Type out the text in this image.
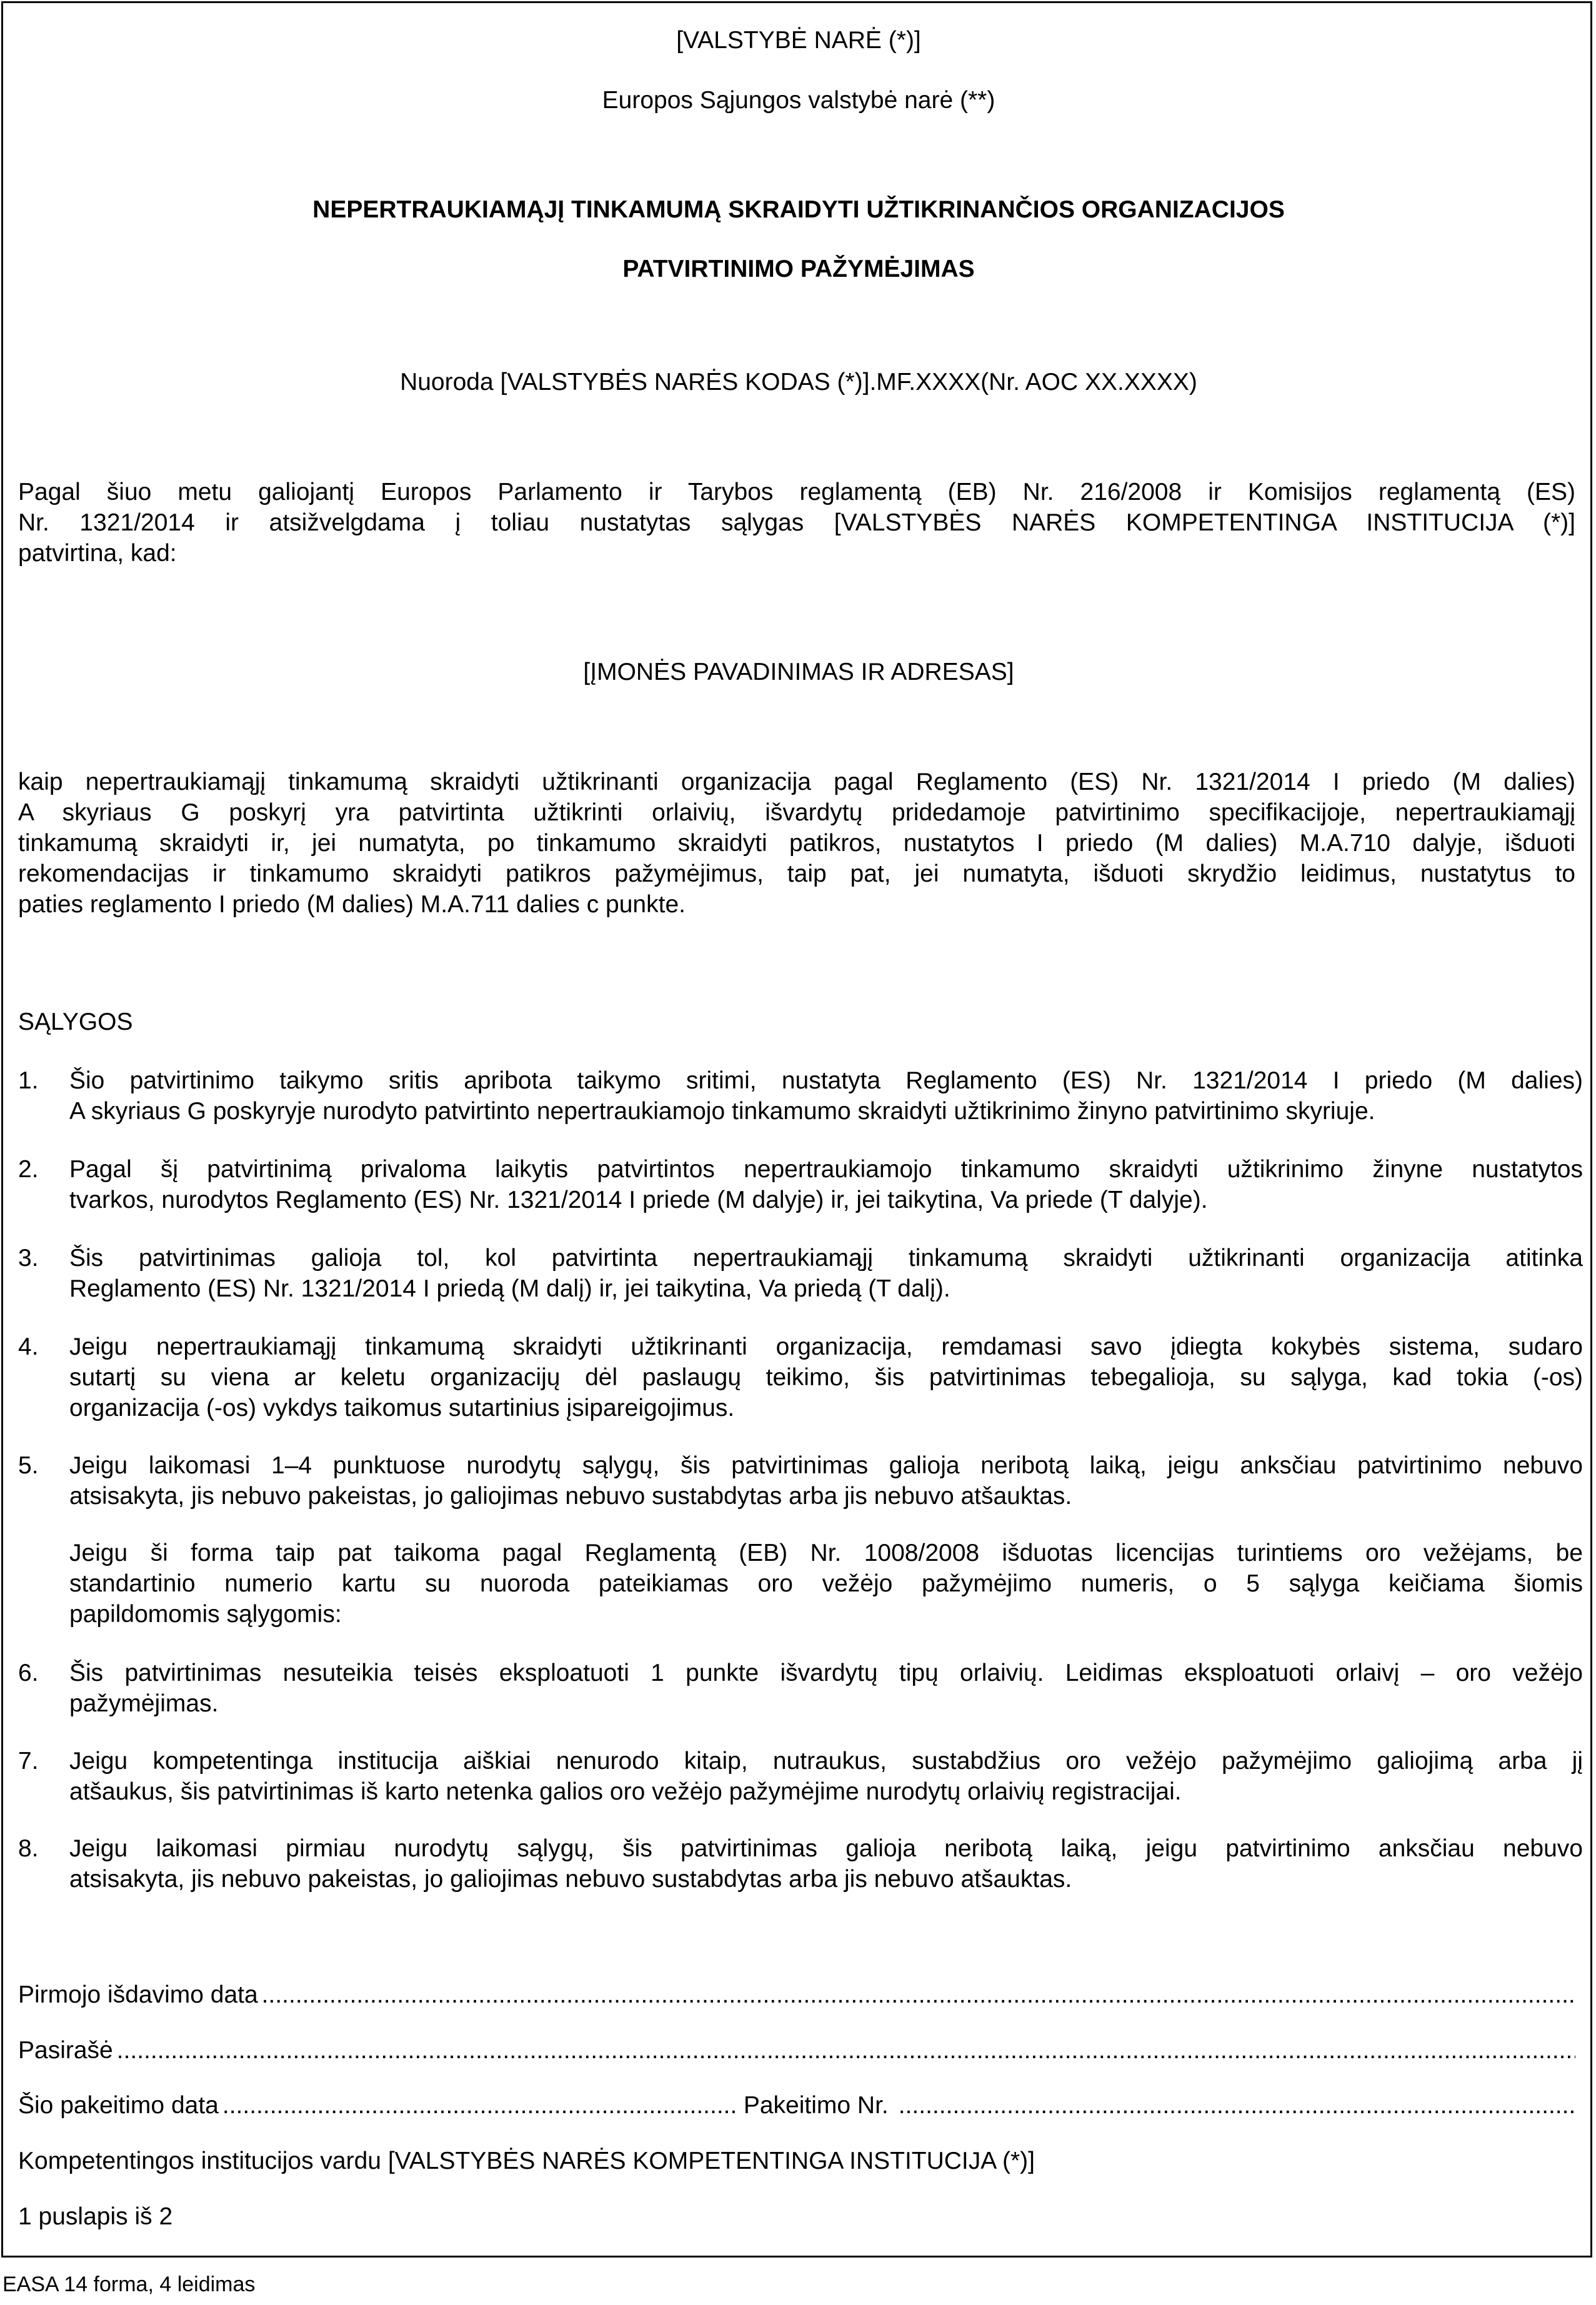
[VALSTYBĖ NARĖ (*)]

Europos Sąjungos valstybė narė (**)

NEPERTRAUKIAMĄJĮ TINKAMUMĄ SKRAIDYTI UŽTIKRINANČIOS ORGANIZACIJOS

PATVIRTINIMO PAŽYMĖJIMAS

Nuoroda [VALSTYBĖS NARĖS KODAS (*)].MF.XXXX(Nr. AOC XX.XXXX)

Pagal šiuo metu galiojantį Europos Parlamento ir Tarybos reglamentą (EB) Nr. 216/2008 ir Komisijos reglamentą (ES)
Nr. 1321/2014 ir atsižvelgdama į toliau nustatytas sąlygas [VALSTYBĖS NARĖS KOMPETENTINGA INSTITUCIJA (*)]
patvirtina, kad:

[ĮMONĖS PAVADINIMAS IR ADRESAS]

kaip nepertraukiamąjį tinkamumą skraidyti užtikrinanti organizacija pagal Reglamento (ES) Nr. 1321/2014 I priedo (M dalies)
A skyriaus G poskyrį yra patvirtinta užtikrinti orlaivių, išvardytų pridedamoje patvirtinimo specifikacijoje, nepertraukiamąjį
tinkamumą skraidyti ir, jei numatyta, po tinkamumo skraidyti patikros, nustatytos I priedo (M dalies) M.A.710 dalyje, išduoti
rekomendacijas ir tinkamumo skraidyti patikros pažymėjimus, taip pat, jei numatyta, išduoti skrydžio leidimus, nustatytus to
paties reglamento I priedo (M dalies) M.A.711 dalies c punkte.

SĄLYGOS

1. Šio patvirtinimo taikymo sritis apribota taikymo sritimi, nustatyta Reglamento (ES) Nr. 1321/2014 I priedo (M dalies)
A skyriaus G poskyryje nurodyto patvirtinto nepertraukiamojo tinkamumo skraidyti užtikrinimo žinyno patvirtinimo skyriuje.

2. Pagal šį patvirtinimą privaloma laikytis patvirtintos nepertraukiamojo tinkamumo skraidyti užtikrinimo žinyne nustatytos
tvarkos, nurodytos Reglamento (ES) Nr. 1321/2014 I priede (M dalyje) ir, jei taikytina, Va priede (T dalyje).

3. Šis patvirtinimas galioja tol, kol patvirtinta nepertraukiamąjį tinkamumą skraidyti užtikrinanti organizacija atitinka
Reglamento (ES) Nr. 1321/2014 I priedą (M dalį) ir, jei taikytina, Va priedą (T dalį).

4. Jeigu nepertraukiamąjį tinkamumą skraidyti užtikrinanti organizacija, remdamasi savo įdiegta kokybės sistema, sudaro
sutartį su viena ar keletu organizacijų dėl paslaugų teikimo, šis patvirtinimas tebegalioja, su sąlyga, kad tokia (-os)
organizacija (-os) vykdys taikomus sutartinius įsipareigojimus.

5. Jeigu laikomasi 1–4 punktuose nurodytų sąlygų, šis patvirtinimas galioja neribotą laiką, jeigu anksčiau patvirtinimo nebuvo
atsisakyta, jis nebuvo pakeistas, jo galiojimas nebuvo sustabdytas arba jis nebuvo atšauktas.
Jeigu ši forma taip pat taikoma pagal Reglamentą (EB) Nr. 1008/2008 išduotas licencijas turintiems oro vežėjams, be
standartinio numerio kartu su nuoroda pateikiamas oro vežėjo pažymėjimo numeris, o 5 sąlyga keičiama šiomis
papildomomis sąlygomis:

6. Šis patvirtinimas nesuteikia teisės eksploatuoti 1 punkte išvardytų tipų orlaivių. Leidimas eksploatuoti orlaivį – oro vežėjo
pažymėjimas.

7. Jeigu kompetentinga institucija aiškiai nenurodo kitaip, nutraukus, sustabdžius oro vežėjo pažymėjimo galiojimą arba jį
atšaukus, šis patvirtinimas iš karto netenka galios oro vežėjo pažymėjime nurodytų orlaivių registracijai.

8. Jeigu laikomasi pirmiau nurodytų sąlygų, šis patvirtinimas galioja neribotą laiką, jeigu patvirtinimo anksčiau nebuvo
atsisakyta, jis nebuvo pakeistas, jo galiojimas nebuvo sustabdytas arba jis nebuvo atšauktas.
Pirmojo išdavimo data
.....
Pasirašė
.....
Šio pakeitimo data
.....	Pakeitimo Nr.
.....

Kompetentingos institucijos vardu [VALSTYBĖS NARĖS KOMPETENTINGA INSTITUCIJA (*)]

1 puslapis iš 2

EASA 14 forma, 4 leidimas
